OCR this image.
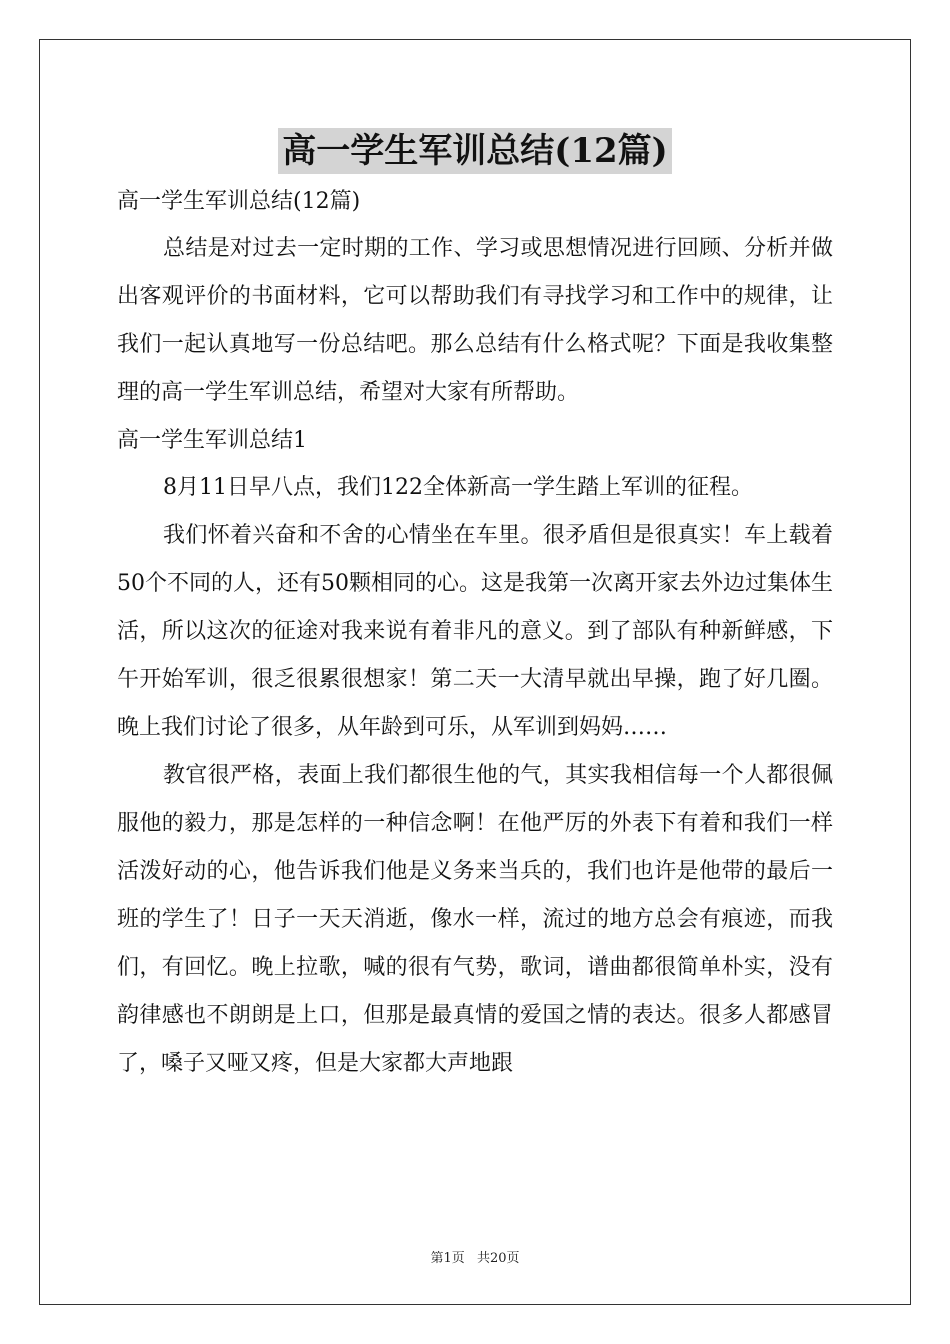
高一学生军训总结(12篇)
高一学生军训总结(12篇)

总结是对过去一定时期的工作、学习或思想情况进行回顾、分析并做出客观评价的书面材料，它可以帮助我们有寻找学习和工作中的规律，让我们一起认真地写一份总结吧。那么总结有什么格式呢？下面是我收集整理的高一学生军训总结，希望对大家有所帮助。

高一学生军训总结1

8月11日早八点，我们122全体新高一学生踏上军训的征程。

我们怀着兴奋和不舍的心情坐在车里。很矛盾但是很真实！车上载着50个不同的人，还有50颗相同的心。这是我第一次离开家去外边过集体生活，所以这次的征途对我来说有着非凡的意义。到了部队有种新鲜感，下午开始军训，很乏很累很想家！第二天一大清早就出早操，跑了好几圈。晚上我们讨论了很多，从年龄到可乐，从军训到妈妈……

教官很严格，表面上我们都很生他的气，其实我相信每一个人都很佩服他的毅力，那是怎样的一种信念啊！在他严厉的外表下有着和我们一样活泼好动的心，他告诉我们他是义务来当兵的，我们也许是他带的最后一班的学生了！日子一天天消逝，像水一样，流过的地方总会有痕迹，而我们，有回忆。晚上拉歌，喊的很有气势，歌词，谱曲都很简单朴实，没有韵律感也不朗朗是上口，但那是最真情的爱国之情的表达。很多人都感冒了，嗓子又哑又疼，但是大家都大声地跟

第1页 共20页
